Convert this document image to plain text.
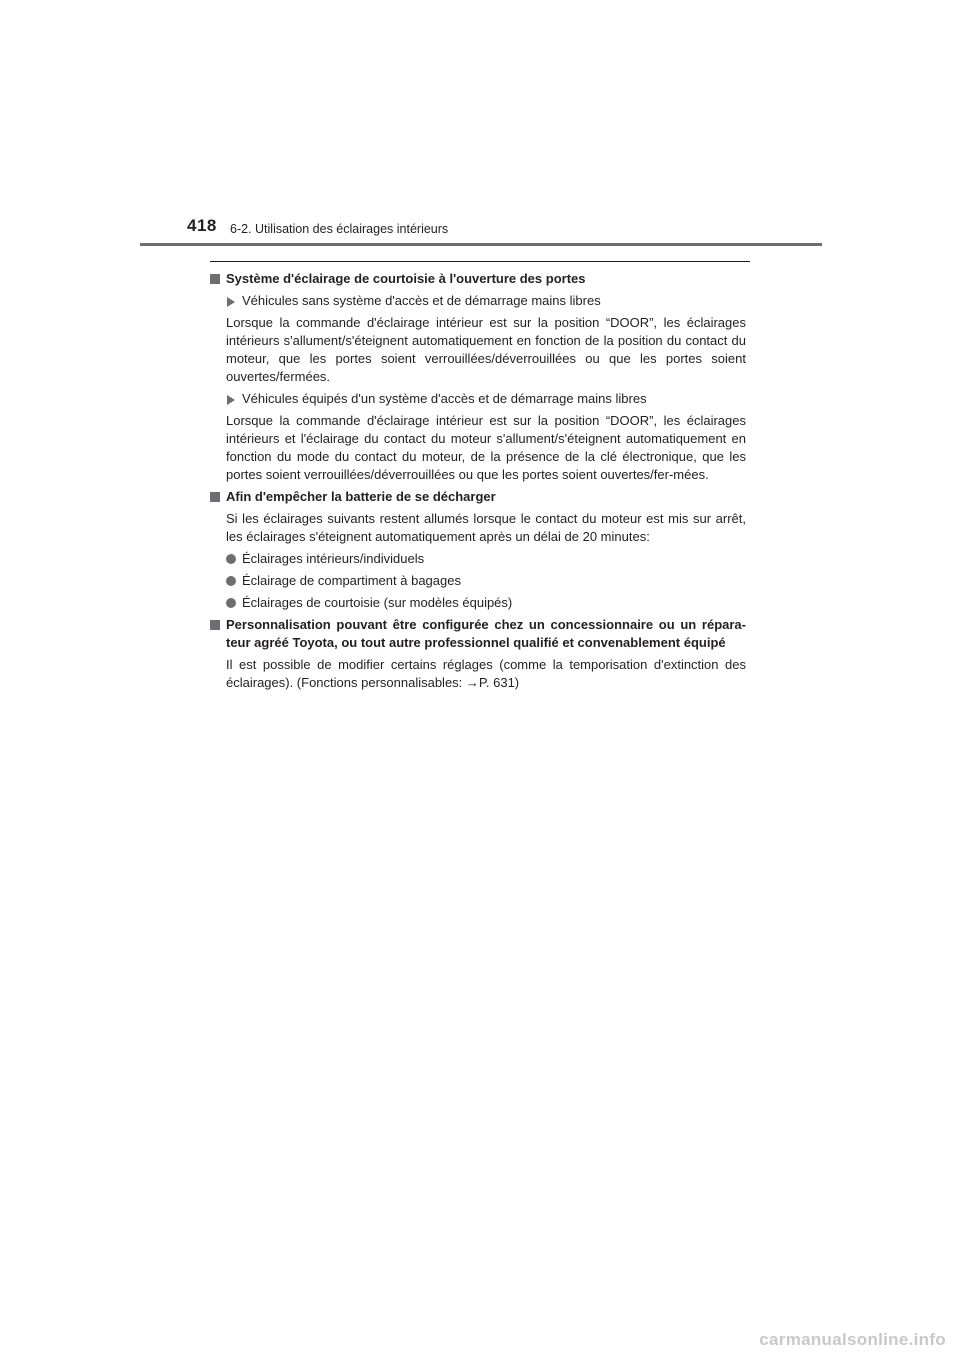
418 6-2. Utilisation des éclairages intérieurs
Système d'éclairage de courtoisie à l'ouverture des portes
Véhicules sans système d'accès et de démarrage mains libres
Lorsque la commande d'éclairage intérieur est sur la position “DOOR”, les éclairages intérieurs s'allument/s'éteignent automatiquement en fonction de la position du contact du moteur, que les portes soient verrouillées/déverrouillées ou que les portes soient ouvertes/fermées.
Véhicules équipés d'un système d'accès et de démarrage mains libres
Lorsque la commande d'éclairage intérieur est sur la position “DOOR”, les éclairages intérieurs et l'éclairage du contact du moteur s'allument/s'éteignent automatiquement en fonction du mode du contact du moteur, de la présence de la clé électronique, que les portes soient verrouillées/déverrouillées ou que les portes soient ouvertes/fer-mées.
Afin d'empêcher la batterie de se décharger
Si les éclairages suivants restent allumés lorsque le contact du moteur est mis sur arrêt, les éclairages s'éteignent automatiquement après un délai de 20 minutes:
Éclairages intérieurs/individuels
Éclairage de compartiment à bagages
Éclairages de courtoisie (sur modèles équipés)
Personnalisation pouvant être configurée chez un concessionnaire ou un répara-teur agréé Toyota, ou tout autre professionnel qualifié et convenablement équipé
Il est possible de modifier certains réglages (comme la temporisation d'extinction des éclairages). (Fonctions personnalisables: →P. 631)
carmanualsonline.info
